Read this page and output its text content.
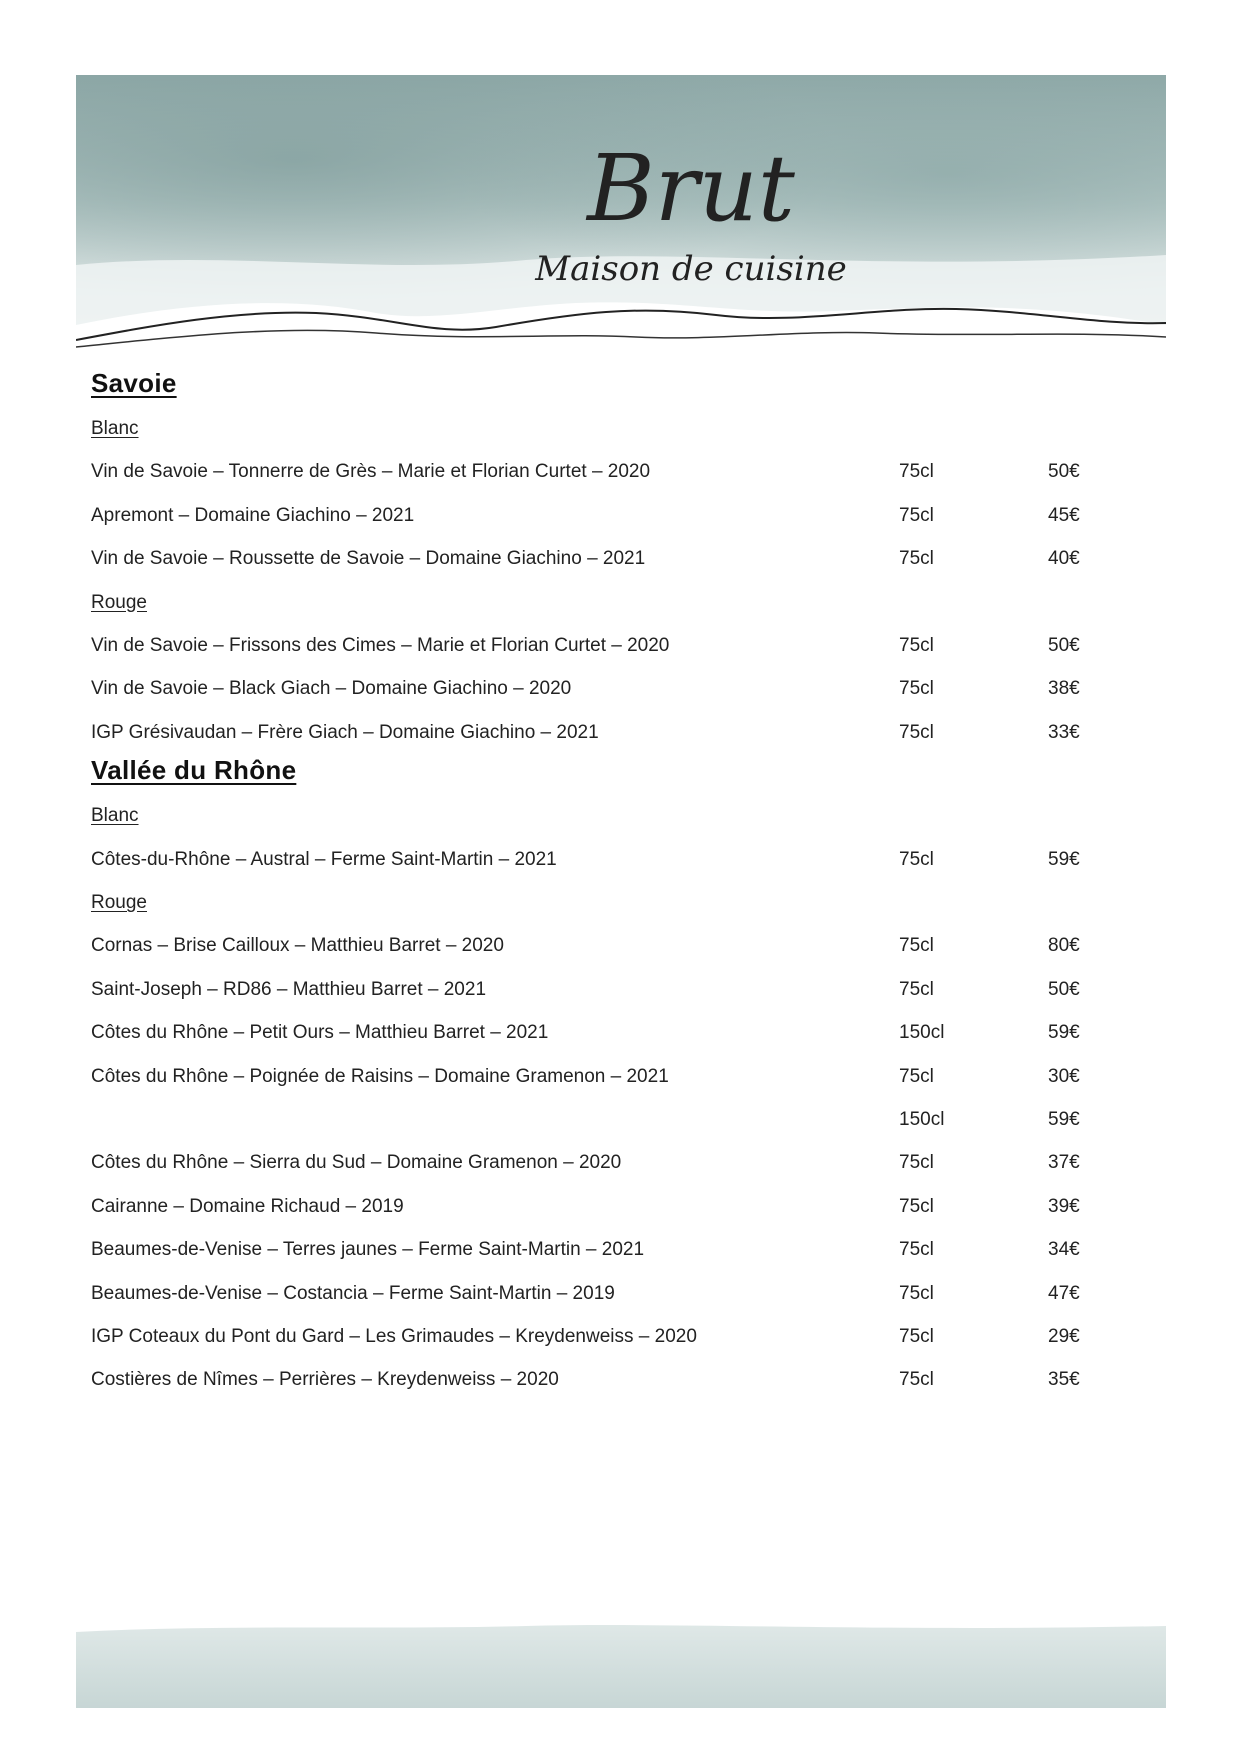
Brut
Maison de cuisine
Savoie
Blanc
Vin de Savoie – Tonnerre de Grès – Marie et Florian Curtet – 2020	75cl	50€
Apremont – Domaine Giachino – 2021	75cl	45€
Vin de Savoie – Roussette de Savoie – Domaine Giachino – 2021	75cl	40€
Rouge
Vin de Savoie – Frissons des Cimes – Marie et Florian Curtet – 2020	75cl	50€
Vin de Savoie – Black Giach – Domaine Giachino – 2020	75cl	38€
IGP Grésivaudan – Frère Giach – Domaine Giachino – 2021	75cl	33€
Vallée du Rhône
Blanc
Côtes-du-Rhône – Austral – Ferme Saint-Martin – 2021	75cl	59€
Rouge
Cornas – Brise Cailloux – Matthieu Barret – 2020	75cl	80€
Saint-Joseph – RD86 – Matthieu Barret – 2021	75cl	50€
Côtes du Rhône – Petit Ours – Matthieu Barret – 2021	150cl	59€
Côtes du Rhône – Poignée de Raisins – Domaine Gramenon – 2021	75cl	30€
150cl	59€
Côtes du Rhône – Sierra du Sud – Domaine Gramenon – 2020	75cl	37€
Cairanne – Domaine Richaud – 2019	75cl	39€
Beaumes-de-Venise – Terres jaunes – Ferme Saint-Martin – 2021	75cl	34€
Beaumes-de-Venise – Costancia – Ferme Saint-Martin – 2019	75cl	47€
IGP Coteaux du Pont du Gard – Les Grimaudes – Kreydenweiss – 2020	75cl	29€
Costières de Nîmes – Perrières – Kreydenweiss – 2020	75cl	35€
